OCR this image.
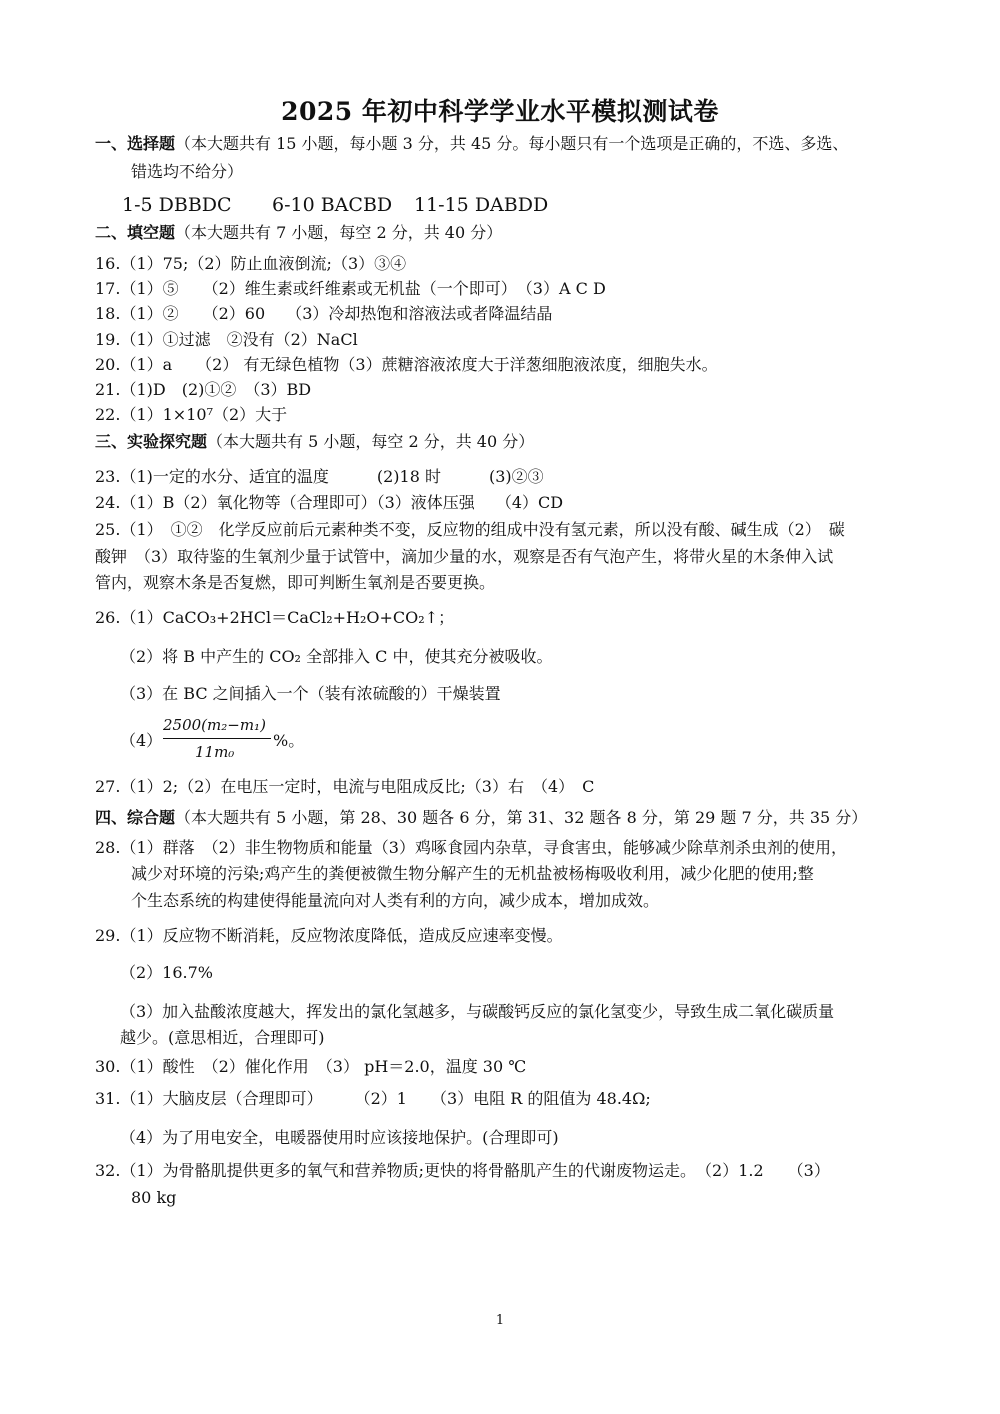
2025 年初中科学学业水平模拟测试卷
一、选择题（本大题共有 15 小题，每小题 3 分，共 45 分。每小题只有一个选项是正确的，不选、多选、
错选均不给分）
1-5 DBBDC 6-10 BACBD 11-15 DABDD
二、填空题（本大题共有 7 小题，每空 2 分，共 40 分）
16.（1）75;（2）防止血液倒流;（3）③④
17.（1）⑤　　（2）维生素或纤维素或无机盐（一个即可）　（3）A C D
18.（1）②　　（2）60　 （3）冷却热饱和溶液法或者降温结晶
19.（1）①过滤　②没有（2）NaCl
20.（1）a　　（2） 有无绿色植物（3）蔗糖溶液浓度大于洋葱细胞液浓度，细胞失水。
21.（1)D　(2)①②　（3）BD
22.（1）1×10⁷（2）大于
三、实验探究题（本大题共有 5 小题，每空 2 分，共 40 分）
23.（1)一定的水分、适宜的温度　　　(2)18 时　　　(3)②③
24.（1）B（2）氧化物等（合理即可）（3）液体压强　 （4）CD
25.（1）　①②　化学反应前后元素种类不变，反应物的组成中没有氢元素，所以没有酸、碱生成（2）　碳
酸钾　（3）取待鉴的生氧剂少量于试管中，滴加少量的水，观察是否有气泡产生，将带火星的木条伸入试
管内，观察木条是否复燃，即可判断生氧剂是否要更换。
26.（1）CaCO₃+2HCl＝CaCl₂+H₂O+CO₂↑；
（2）将 B 中产生的 CO₂ 全部排入 C 中，使其充分被吸收。
（3）在 BC 之间插入一个（装有浓硫酸的）干燥装置
（4）
2500(m₂−m₁)
11m₀
%。
27.（1）2;（2）在电压一定时，电流与电阻成反比;（3）右　（4）　C
四、综合题（本大题共有 5 小题，第 28、30 题各 6 分，第 31、32 题各 8 分，第 29 题 7 分，共 35 分）
28.（1）群落　（2）非生物物质和能量（3）鸡啄食园内杂草，寻食害虫，能够减少除草剂杀虫剂的使用，
减少对环境的污染;鸡产生的粪便被微生物分解产生的无机盐被杨梅吸收利用，减少化肥的使用;整
个生态系统的构建使得能量流向对人类有利的方向，减少成本，增加成效。
29.（1）反应物不断消耗，反应物浓度降低，造成反应速率变慢。
（2）16.7%
（3）加入盐酸浓度越大，挥发出的氯化氢越多，与碳酸钙反应的氯化氢变少，导致生成二氧化碳质量
越少。(意思相近，合理即可)
30.（1）酸性　（2）催化作用　（3） pH＝2.0，温度 30 ℃
31.（1）大脑皮层（合理即可）　　　（2）1　　（3）电阻 R 的阻值为 48.4Ω;
（4）为了用电安全，电暖器使用时应该接地保护。(合理即可)
32.（1）为骨骼肌提供更多的氧气和营养物质;更快的将骨骼肌产生的代谢废物运走。　（2）1.2　　（3）
80 kg
1
